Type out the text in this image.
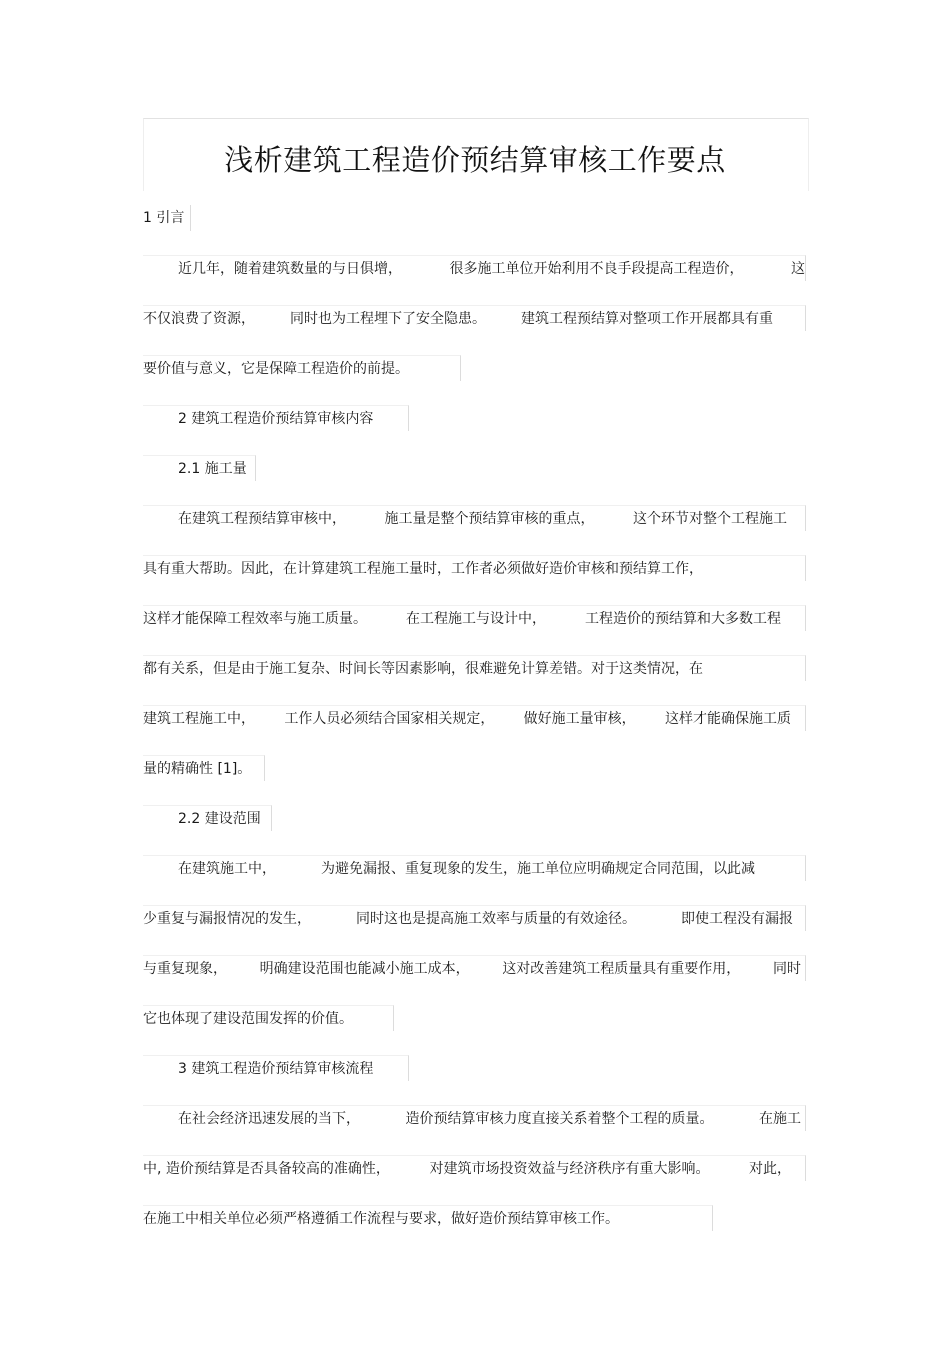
浅析建筑工程造价预结算审核工作要点
1 引言
近几年，随着建筑数量的与日俱增，	很多施工单位开始利用不良手段提高工程造价，	这
不仅浪费了资源，	同时也为工程埋下了安全隐患。	建筑工程预结算对整项工作开展都具有重
要价值与意义，它是保障工程造价的前提。
2 建筑工程造价预结算审核内容
2.1 施工量
在建筑工程预结算审核中，	施工量是整个预结算审核的重点，	这个环节对整个工程施工
具有重大帮助。因此，在计算建筑工程施工量时，工作者必须做好造价审核和预结算工作，
这样才能保障工程效率与施工质量。	在工程施工与设计中，	工程造价的预结算和大多数工程
都有关系，但是由于施工复杂、时间长等因素影响，很难避免计算差错。对于这类情况，在
建筑工程施工中， 工作人员必须结合国家相关规定， 做好施工量审核， 这样才能确保施工质
量的精确性 [1]。
2.2 建设范围
在建筑施工中，	为避免漏报、重复现象的发生，施工单位应明确规定合同范围，以此减
少重复与漏报情况的发生，	同时这也是提高施工效率与质量的有效途径。	即使工程没有漏报
与重复现象， 明确建设范围也能减小施工成本， 这对改善建筑工程质量具有重要作用， 同时
它也体现了建设范围发挥的价值。
3 建筑工程造价预结算审核流程
在社会经济迅速发展的当下，	造价预结算审核力度直接关系着整个工程的质量。	在施工
中, 造价预结算是否具备较高的准确性，	对建筑市场投资效益与经济秩序有重大影响。	对此，
在施工中相关单位必须严格遵循工作流程与要求，做好造价预结算审核工作。
